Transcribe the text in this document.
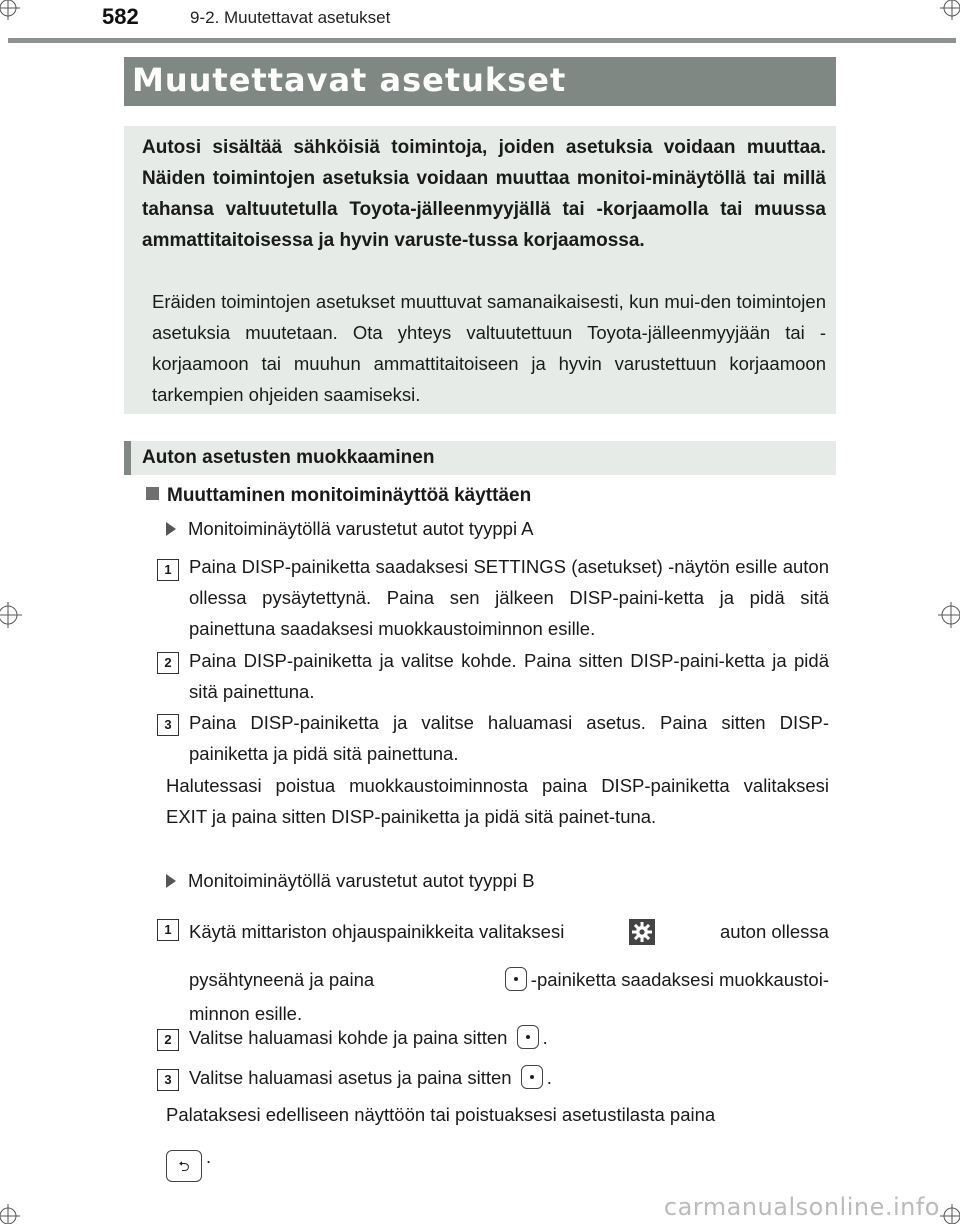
582	9-2. Muutettavat asetukset
Muutettavat asetukset
Autosi sisältää sähköisiä toimintoja, joiden asetuksia voidaan muuttaa. Näiden toimintojen asetuksia voidaan muuttaa monitoi-minäytöllä tai millä tahansa valtuutetulla Toyota-jälleenmyyjällä tai -korjaamolla tai muussa ammattitaitoisessa ja hyvin varuste-tussa korjaamossa.
Eräiden toimintojen asetukset muuttuvat samanaikaisesti, kun mui-den toimintojen asetuksia muutetaan. Ota yhteys valtuutettuun Toyota-jälleenmyyjään tai -korjaamoon tai muuhun ammattitaitoiseen ja hyvin varustettuun korjaamoon tarkempien ohjeiden saamiseksi.
Auton asetusten muokkaaminen
Muuttaminen monitoiminäyttöä käyttäen
Monitoiminäytöllä varustetut autot tyyppi A
1 Paina DISP-painiketta saadaksesi SETTINGS (asetukset) -näytön esille auton ollessa pysäytettynä. Paina sen jälkeen DISP-paini-ketta ja pidä sitä painettuna saadaksesi muokkaustoiminnon esille.
2 Paina DISP-painiketta ja valitse kohde. Paina sitten DISP-paini-ketta ja pidä sitä painettuna.
3 Paina DISP-painiketta ja valitse haluamasi asetus. Paina sitten DISP-painiketta ja pidä sitä painettuna.
Halutessasi poistua muokkaustoiminnosta paina DISP-painiketta valitaksesi EXIT ja paina sitten DISP-painiketta ja pidä sitä painet-tuna.
Monitoiminäytöllä varustetut autot tyyppi B
1 Käytä mittariston ohjauspainikkeita valitaksesi	auton ollessa
pysähtyneenä ja paina	-painiketta saadaksesi muokkaustoi-
minnon esille.
2 Valitse haluamasi kohde ja paina sitten .
3 Valitse haluamasi asetus ja paina sitten .
Palataksesi edelliseen näyttöön tai poistuaksesi asetustilasta paina
⮌ .
carmanualsonline.info
